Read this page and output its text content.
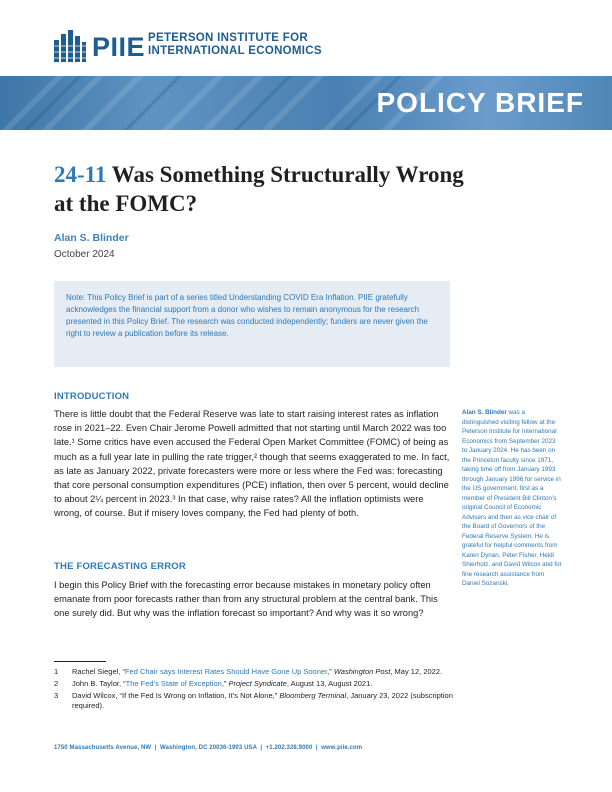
PIIE PETERSON INSTITUTE FOR
INTERNATIONAL ECONOMICS
POLICY BRIEF
24-11 Was Something Structurally Wrong at the FOMC?
Alan S. Blinder
October 2024
Note: This Policy Brief is part of a series titled Understanding COVID Era Inflation. PIIE gratefully acknowledges the financial support from a donor who wishes to remain anonymous for the research presented in this Policy Brief. The research was conducted independently; funders are never given the right to review a publication before its release.
INTRODUCTION
There is little doubt that the Federal Reserve was late to start raising interest rates as inflation rose in 2021–22. Even Chair Jerome Powell admitted that not starting until March 2022 was too late.¹ Some critics have even accused the Federal Open Market Committee (FOMC) of being as much as a full year late in pulling the rate trigger,² though that seems exaggerated to me. In fact, as late as January 2022, private forecasters were more or less where the Fed was: forecasting that core personal consumption expenditures (PCE) inflation, then over 5 percent, would decline to about 2¼ percent in 2023.³ In that case, why raise rates? All the inflation optimists were wrong, of course. But if misery loves company, the Fed had plenty of both.
THE FORECASTING ERROR
I begin this Policy Brief with the forecasting error because mistakes in monetary policy often emanate from poor forecasts rather than from any structural problem at the central bank. This one surely did. But why was the inflation forecast so important? And why was it so wrong?
Alan S. Blinder was a distinguished visiting fellow at the Peterson Institute for International Economics from September 2023 to January 2024. He has been on the Princeton faculty since 1971, taking time off from January 1993 through January 1996 for service in the US government, first as a member of President Bill Clinton’s original Council of Economic Advisers and then as vice chair of the Board of Governors of the Federal Reserve System. He is grateful for helpful comments from Karen Dynan, Peter Fisher, Heidi Shierholz, and David Wilcox and for fine research assistance from Daniel Sozanski.
1 Rachel Siegel, “Fed Chair says Interest Rates Should Have Gone Up Sooner,” Washington Post, May 12, 2022.
2 John B. Taylor, “The Fed’s State of Exception,” Project Syndicate, August 13, August 2021.
3 David Wilcox, “If the Fed Is Wrong on Inflation, It’s Not Alone,” Bloomberg Terminal, January 23, 2022 (subscription required).
1750 Massachusetts Avenue, NW  |  Washington, DC 20036-1903 USA  |  +1.202.328.9000  |  www.piie.com
